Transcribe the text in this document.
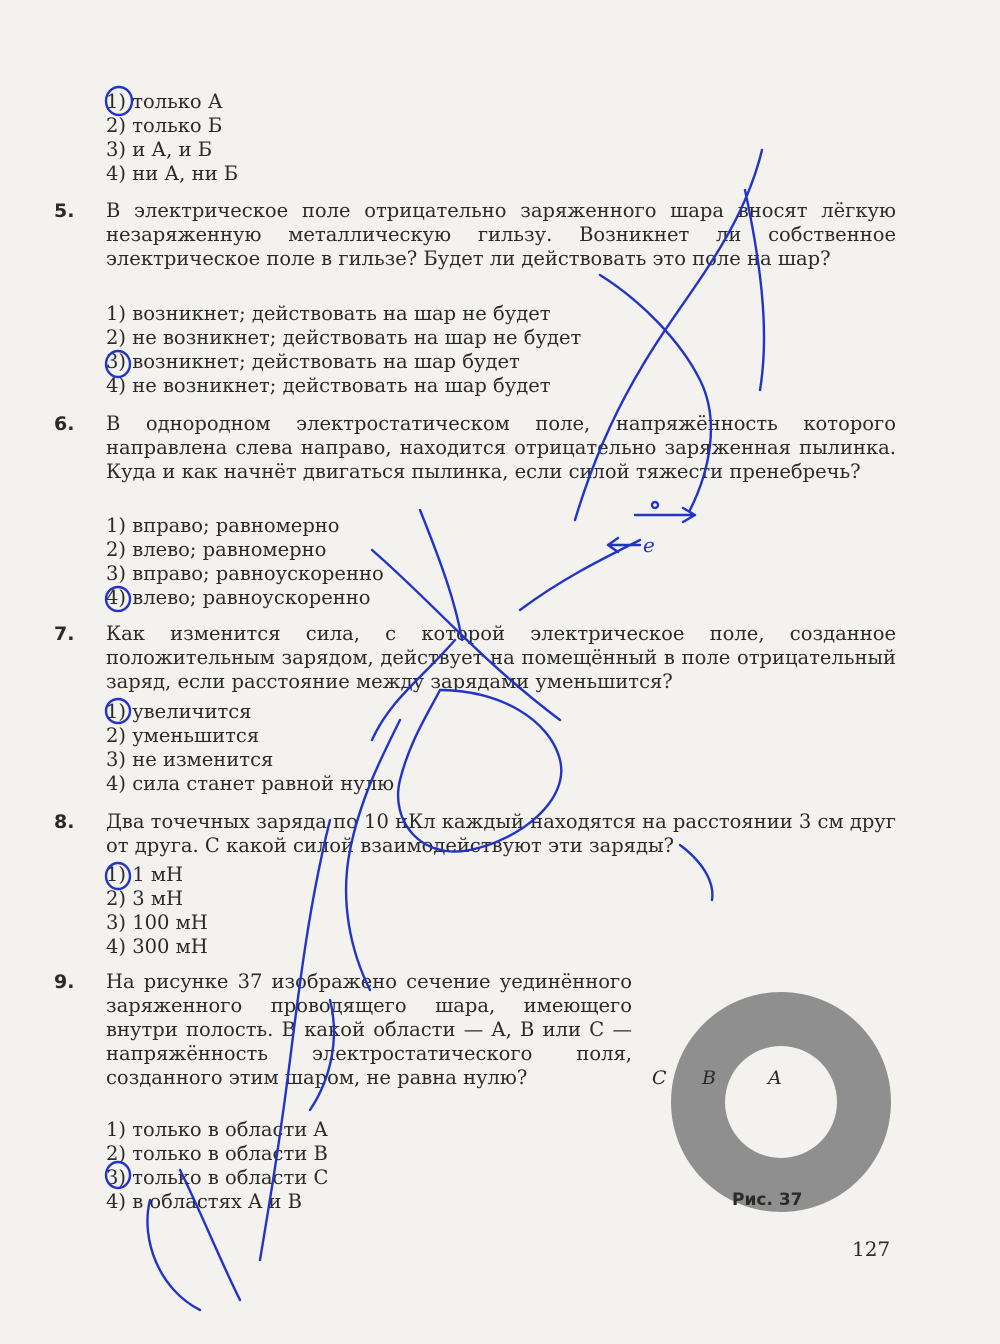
1) только А
2) только Б
3) и А, и Б
4) ни А, ни Б
5. В электрическое поле отрицательно заряженного шара вносят лёгкую незаряженную металлическую гильзу. Возникнет ли собственное электрическое поле в гильзе? Будет ли действовать это поле на шар?
1) возникнет; действовать на шар не будет
2) не возникнет; действовать на шар не будет
3) возникнет; действовать на шар будет
4) не возникнет; действовать на шар будет
6. В однородном электростатическом поле, напряжённость которого направлена слева направо, находится отрицательно заряженная пылинка. Куда и как начнёт двигаться пылинка, если силой тяжести пренебречь?
1) вправо; равномерно
2) влево; равномерно
3) вправо; равноускоренно
4) влево; равноускоренно
7. Как изменится сила, с которой электрическое поле, созданное положительным зарядом, действует на помещённый в поле отрицательный заряд, если расстояние между зарядами уменьшится?
1) увеличится
2) уменьшится
3) не изменится
4) сила станет равной нулю
8. Два точечных заряда по 10 нКл каждый находятся на расстоянии 3 см друг от друга. С какой силой взаимодействуют эти заряды?
1) 1 мН
2) 3 мН
3) 100 мН
4) 300 мН
9. На рисунке 37 изображено сечение уединённого заряженного проводящего шара, имеющего внутри полость. В какой области — A, B или C — напряжённость электростатического поля, созданного этим шаром, не равна нулю?
1) только в области A
2) только в области B
3) только в области C
4) в областях A и B
C B	A
Рис. 37
127
e
